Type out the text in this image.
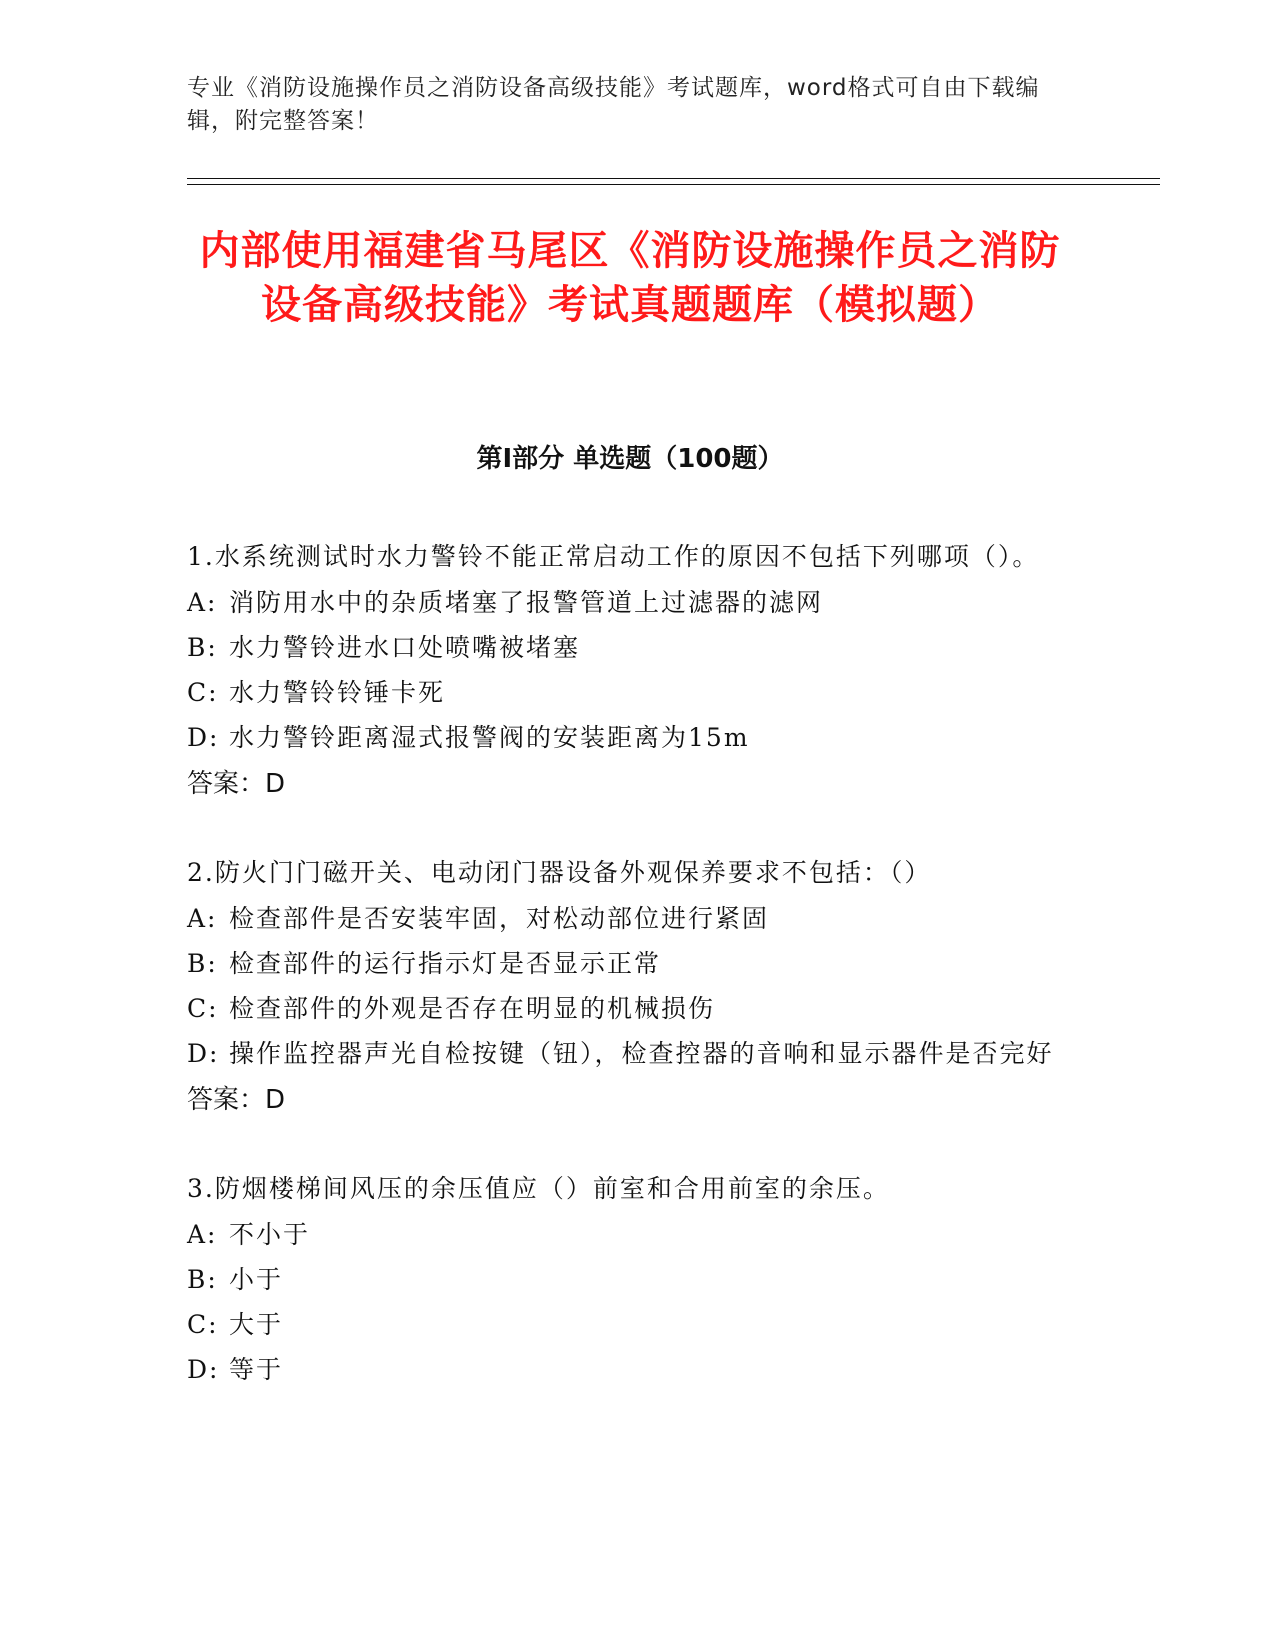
专业《消防设施操作员之消防设备高级技能》考试题库，word格式可自由下载编辑，附完整答案！
内部使用福建省马尾区《消防设施操作员之消防设备高级技能》考试真题题库（模拟题）
第Ⅰ部分 单选题（100题）
1.水系统测试时水力警铃不能正常启动工作的原因不包括下列哪项（）。
A: 消防用水中的杂质堵塞了报警管道上过滤器的滤网
B: 水力警铃进水口处喷嘴被堵塞
C: 水力警铃铃锤卡死
D: 水力警铃距离湿式报警阀的安装距离为15m
答案：D
2.防火门门磁开关、电动闭门器设备外观保养要求不包括：（）
A: 检查部件是否安装牢固，对松动部位进行紧固
B: 检查部件的运行指示灯是否显示正常
C: 检查部件的外观是否存在明显的机械损伤
D: 操作监控器声光自检按键（钮），检查控器的音响和显示器件是否完好
答案：D
3.防烟楼梯间风压的余压值应（）前室和合用前室的余压。
A: 不小于
B: 小于
C: 大于
D: 等于
